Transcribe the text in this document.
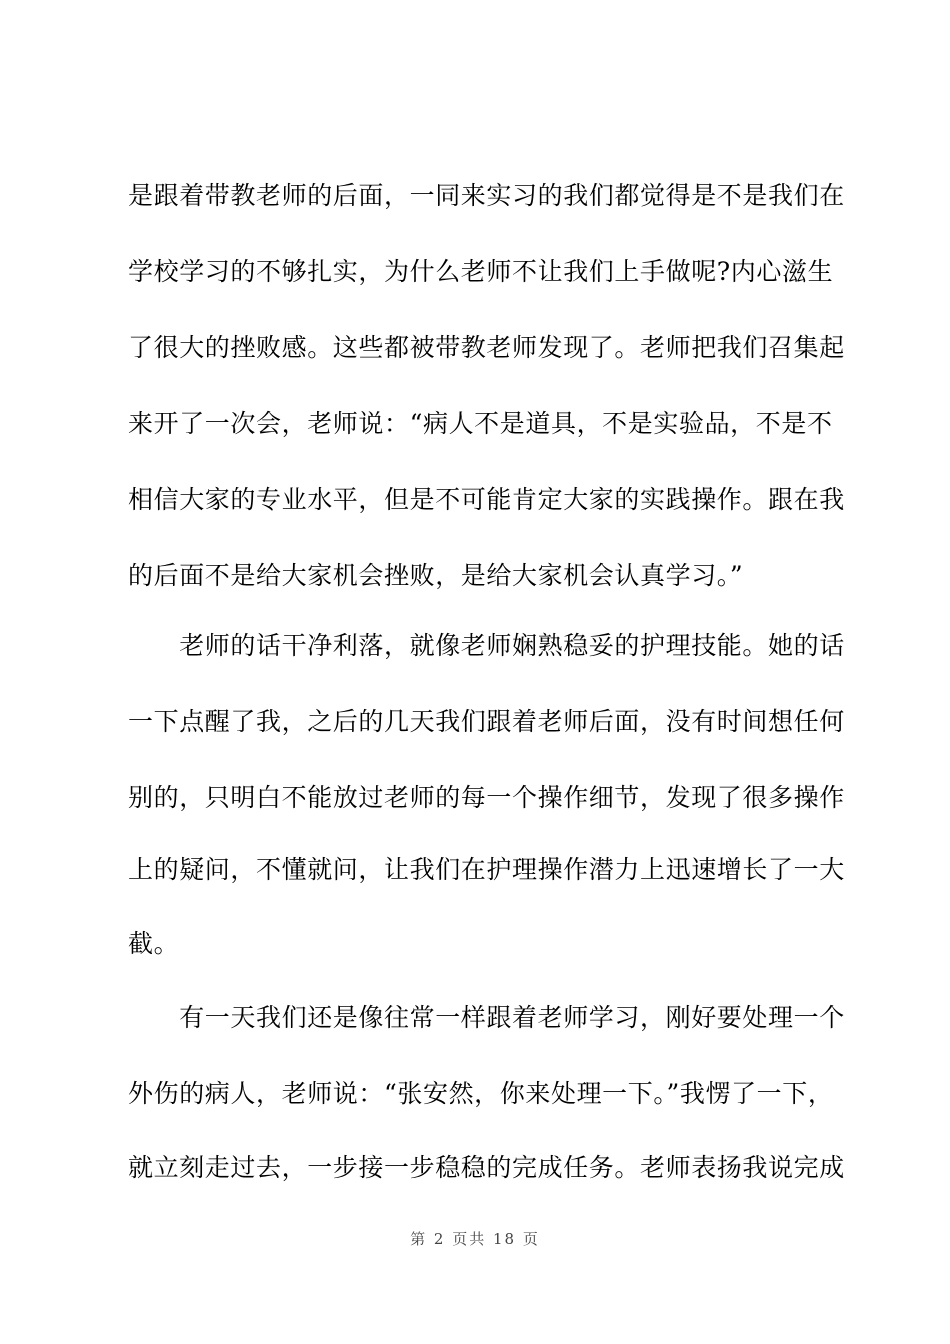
是跟着带教老师的后面，一同来实习的我们都觉得是不是我们在
学校学习的不够扎实，为什么老师不让我们上手做呢?内心滋生
了很大的挫败感。这些都被带教老师发现了。老师把我们召集起
来开了一次会，老师说：“病人不是道具，不是实验品，不是不
相信大家的专业水平，但是不可能肯定大家的实践操作。跟在我
的后面不是给大家机会挫败，是给大家机会认真学习。”
　　老师的话干净利落，就像老师娴熟稳妥的护理技能。她的话
一下点醒了我，之后的几天我们跟着老师后面，没有时间想任何
别的，只明白不能放过老师的每一个操作细节，发现了很多操作
上的疑问，不懂就问，让我们在护理操作潜力上迅速增长了一大
截。
　　有一天我们还是像往常一样跟着老师学习，刚好要处理一个
外伤的病人，老师说：“张安然，你来处理一下。”我愣了一下，
就立刻走过去，一步接一步稳稳的完成任务。老师表扬我说完成
第 2 页共 18 页
